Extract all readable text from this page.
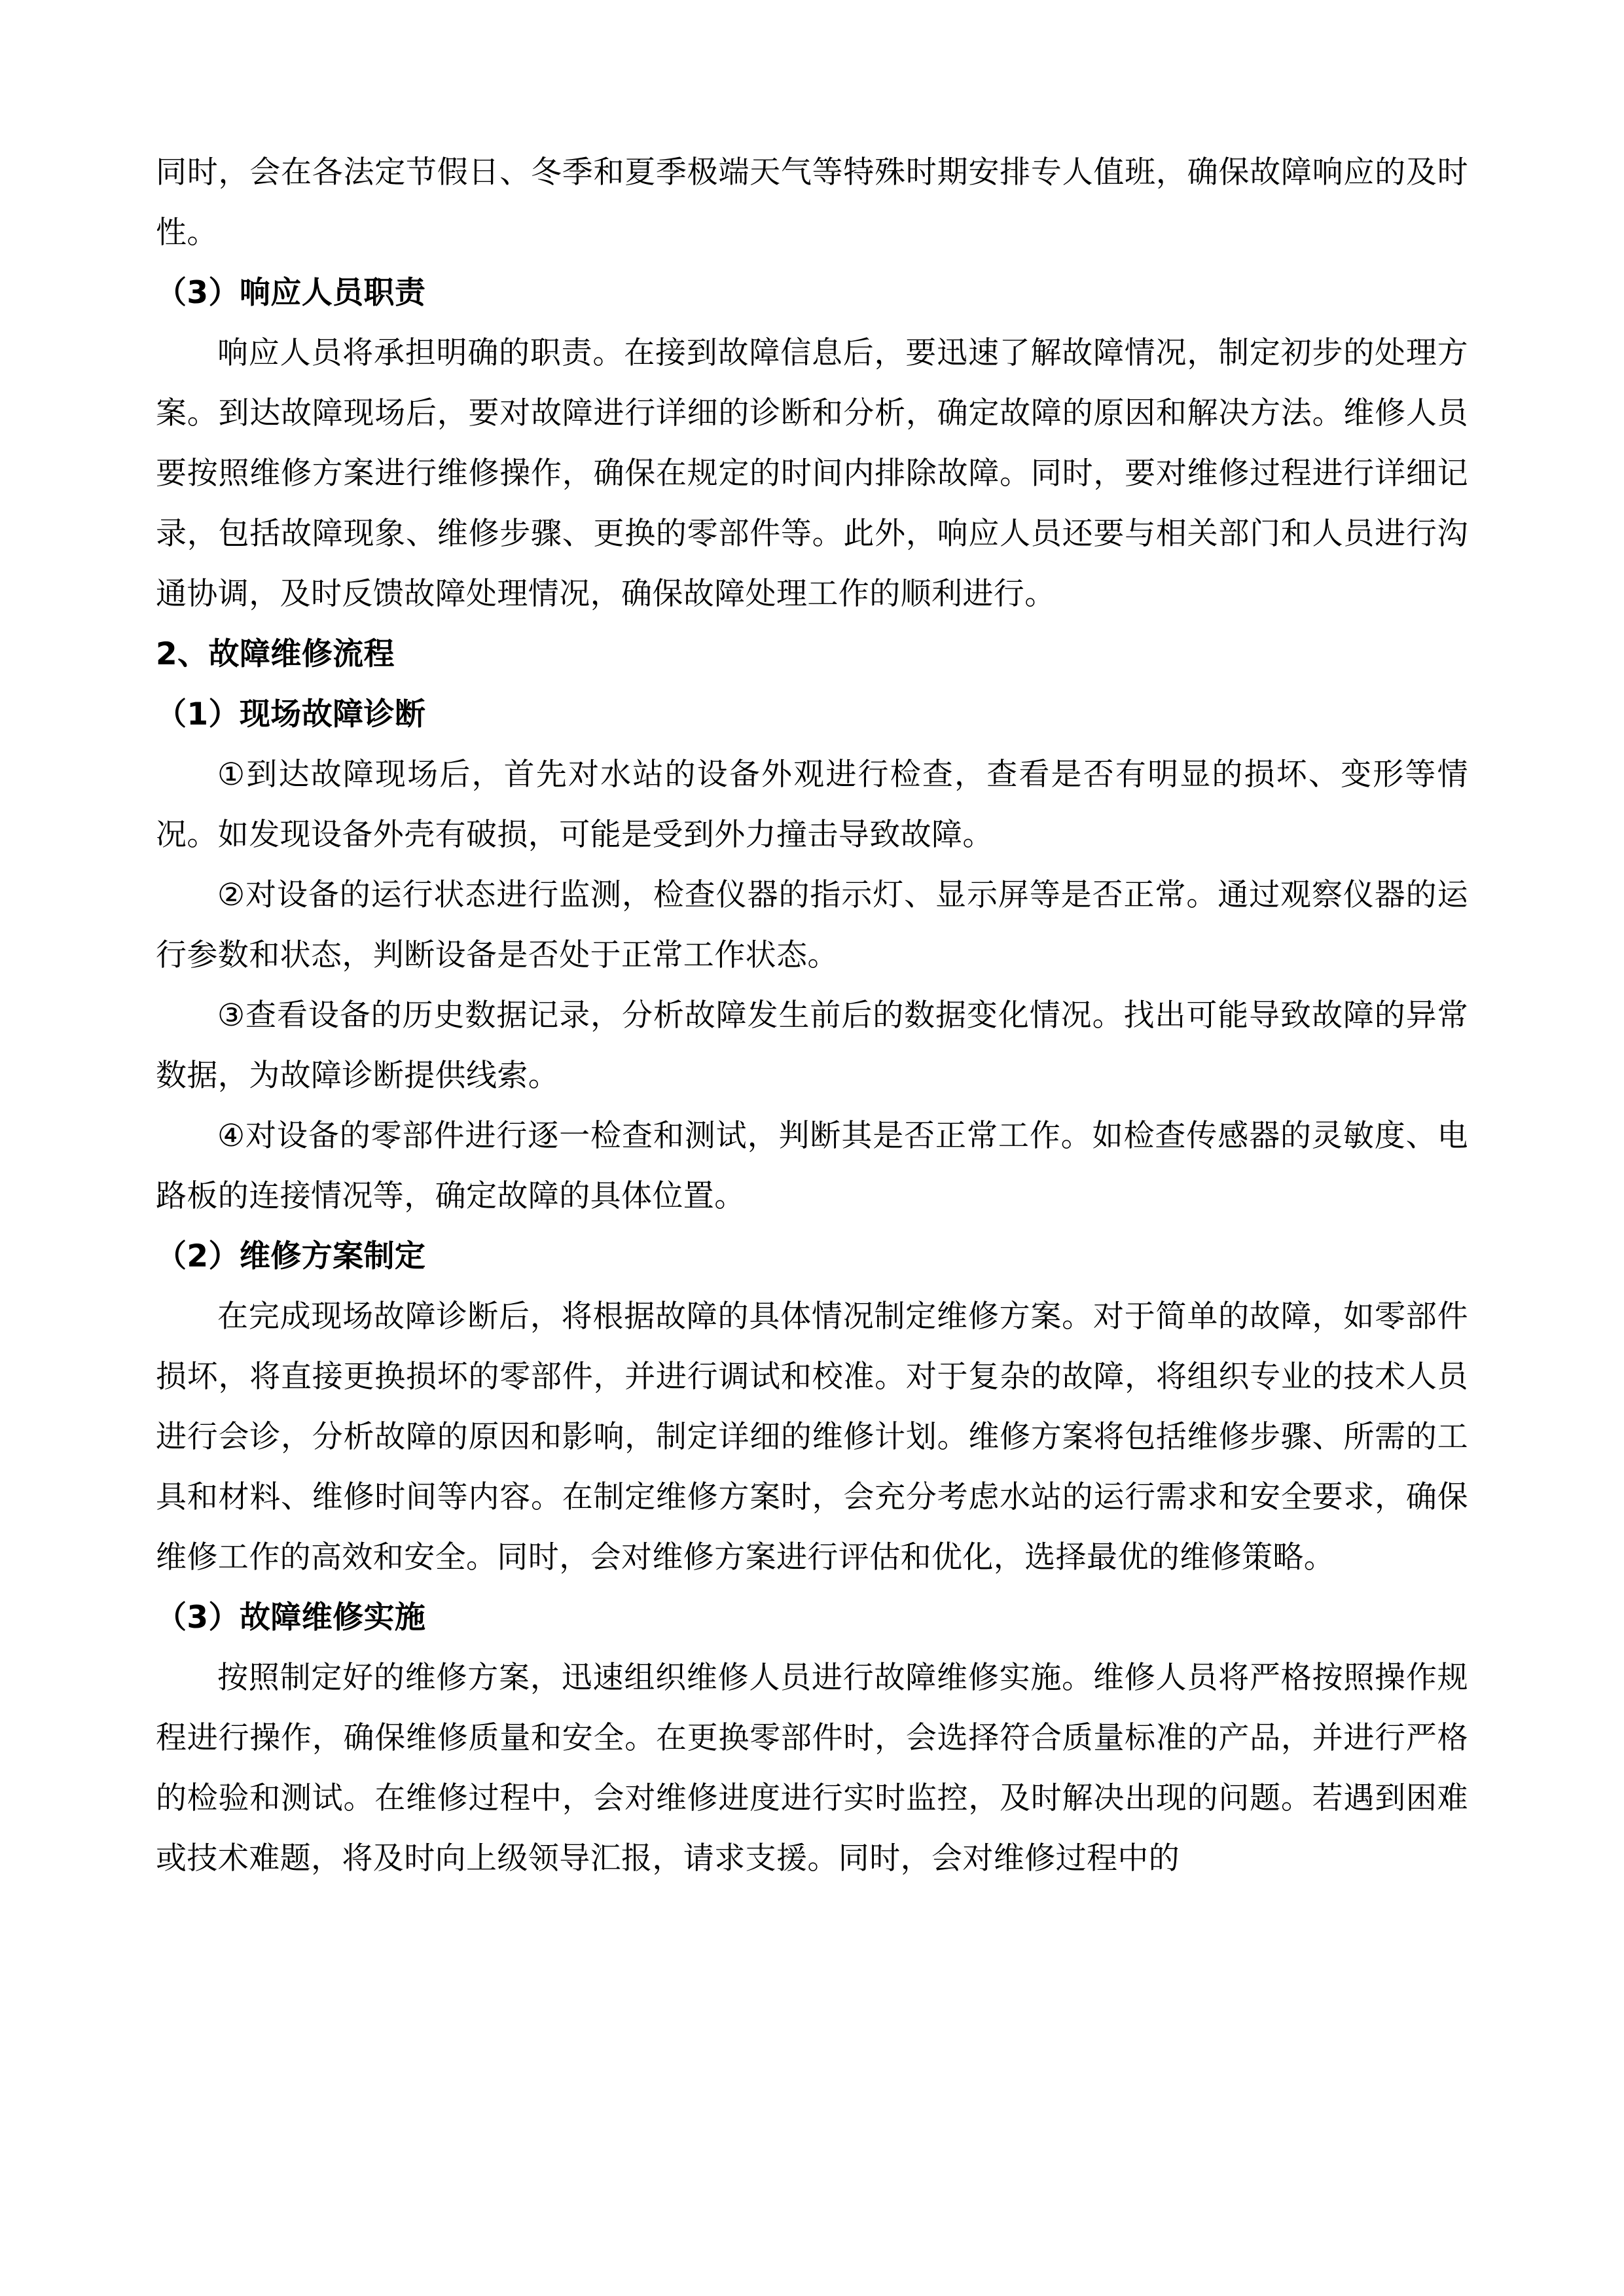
同时，会在各法定节假日、冬季和夏季极端天气等特殊时期安排专人值班，确保故障响应的及时性。

（3）响应人员职责

响应人员将承担明确的职责。在接到故障信息后，要迅速了解故障情况，制定初步的处理方案。到达故障现场后，要对故障进行详细的诊断和分析，确定故障的原因和解决方法。维修人员要按照维修方案进行维修操作，确保在规定的时间内排除故障。同时，要对维修过程进行详细记录，包括故障现象、维修步骤、更换的零部件等。此外，响应人员还要与相关部门和人员进行沟通协调，及时反馈故障处理情况，确保故障处理工作的顺利进行。

2、故障维修流程

（1）现场故障诊断

①到达故障现场后，首先对水站的设备外观进行检查，查看是否有明显的损坏、变形等情况。如发现设备外壳有破损，可能是受到外力撞击导致故障。

②对设备的运行状态进行监测，检查仪器的指示灯、显示屏等是否正常。通过观察仪器的运行参数和状态，判断设备是否处于正常工作状态。

③查看设备的历史数据记录，分析故障发生前后的数据变化情况。找出可能导致故障的异常数据，为故障诊断提供线索。

④对设备的零部件进行逐一检查和测试，判断其是否正常工作。如检查传感器的灵敏度、电路板的连接情况等，确定故障的具体位置。

（2）维修方案制定

在完成现场故障诊断后，将根据故障的具体情况制定维修方案。对于简单的故障，如零部件损坏，将直接更换损坏的零部件，并进行调试和校准。对于复杂的故障，将组织专业的技术人员进行会诊，分析故障的原因和影响，制定详细的维修计划。维修方案将包括维修步骤、所需的工具和材料、维修时间等内容。在制定维修方案时，会充分考虑水站的运行需求和安全要求，确保维修工作的高效和安全。同时，会对维修方案进行评估和优化，选择最优的维修策略。

（3）故障维修实施

按照制定好的维修方案，迅速组织维修人员进行故障维修实施。维修人员将严格按照操作规程进行操作，确保维修质量和安全。在更换零部件时，会选择符合质量标准的产品，并进行严格的检验和测试。在维修过程中，会对维修进度进行实时监控，及时解决出现的问题。若遇到困难或技术难题，将及时向上级领导汇报，请求支援。同时，会对维修过程中的
